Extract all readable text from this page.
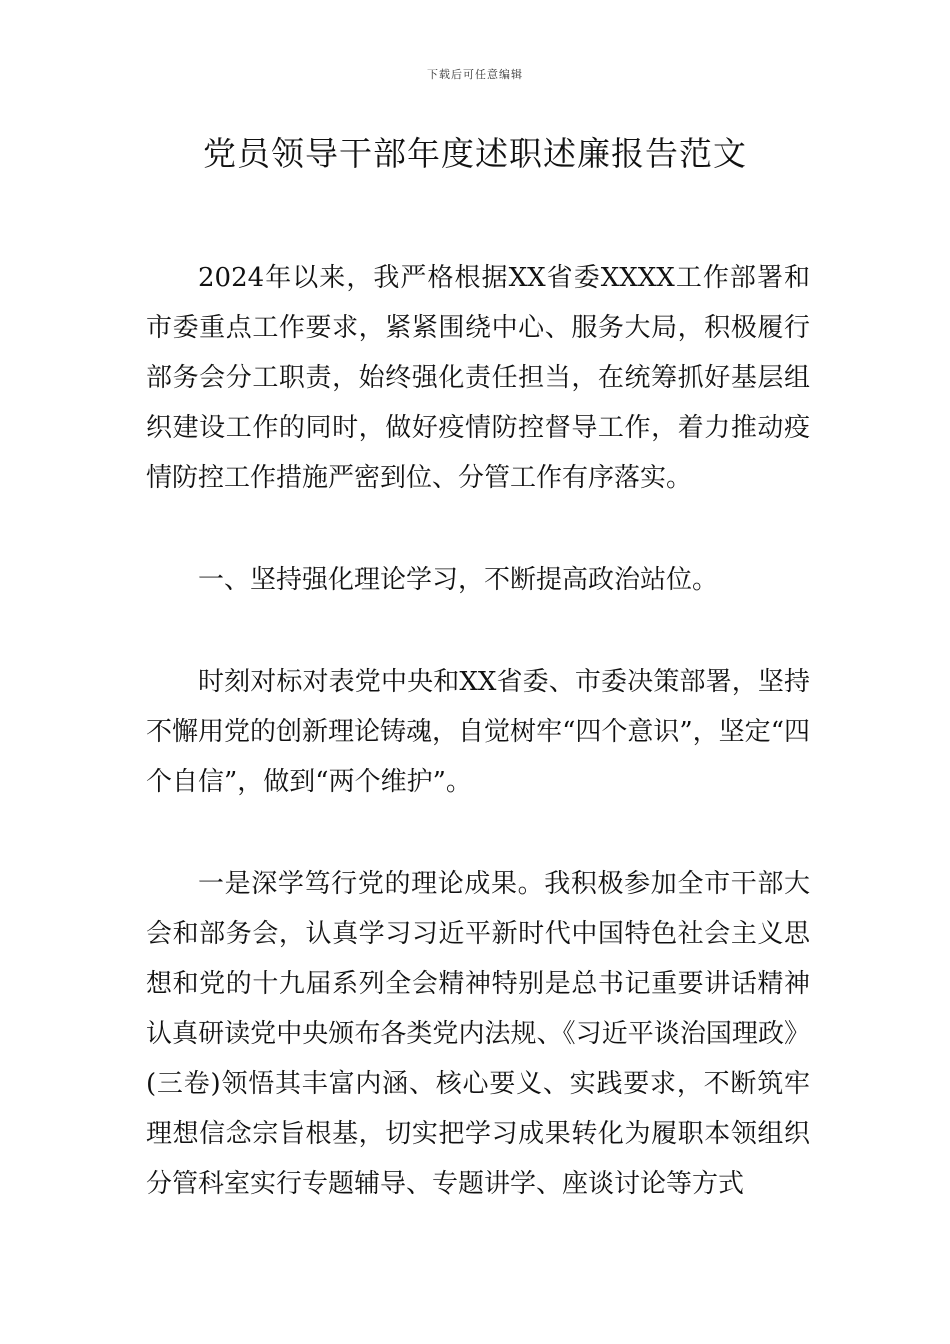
下载后可任意编辑
党员领导干部年度述职述廉报告范文

2024年以来，我严格根据XX省委XXXX工作部署和市委重点工作要求，紧紧围绕中心、服务大局，积极履行部务会分工职责，始终强化责任担当，在统筹抓好基层组织建设工作的同时，做好疫情防控督导工作，着力推动疫情防控工作措施严密到位、分管工作有序落实。

一、坚持强化理论学习，不断提高政治站位。

时刻对标对表党中央和XX省委、市委决策部署，坚持不懈用党的创新理论铸魂，自觉树牢“四个意识”，坚定“四个自信”，做到“两个维护”。

一是深学笃行党的理论成果。我积极参加全市干部大会和部务会，认真学习习近平新时代中国特色社会主义思想和党的十九届系列全会精神特别是总书记重要讲话精神认真研读党中央颁布各类党内法规、《习近平谈治国理政》(三卷)领悟其丰富内涵、核心要义、实践要求，不断筑牢理想信念宗旨根基，切实把学习成果转化为履职本领组织分管科室实行专题辅导、专题讲学、座谈讨论等方式
